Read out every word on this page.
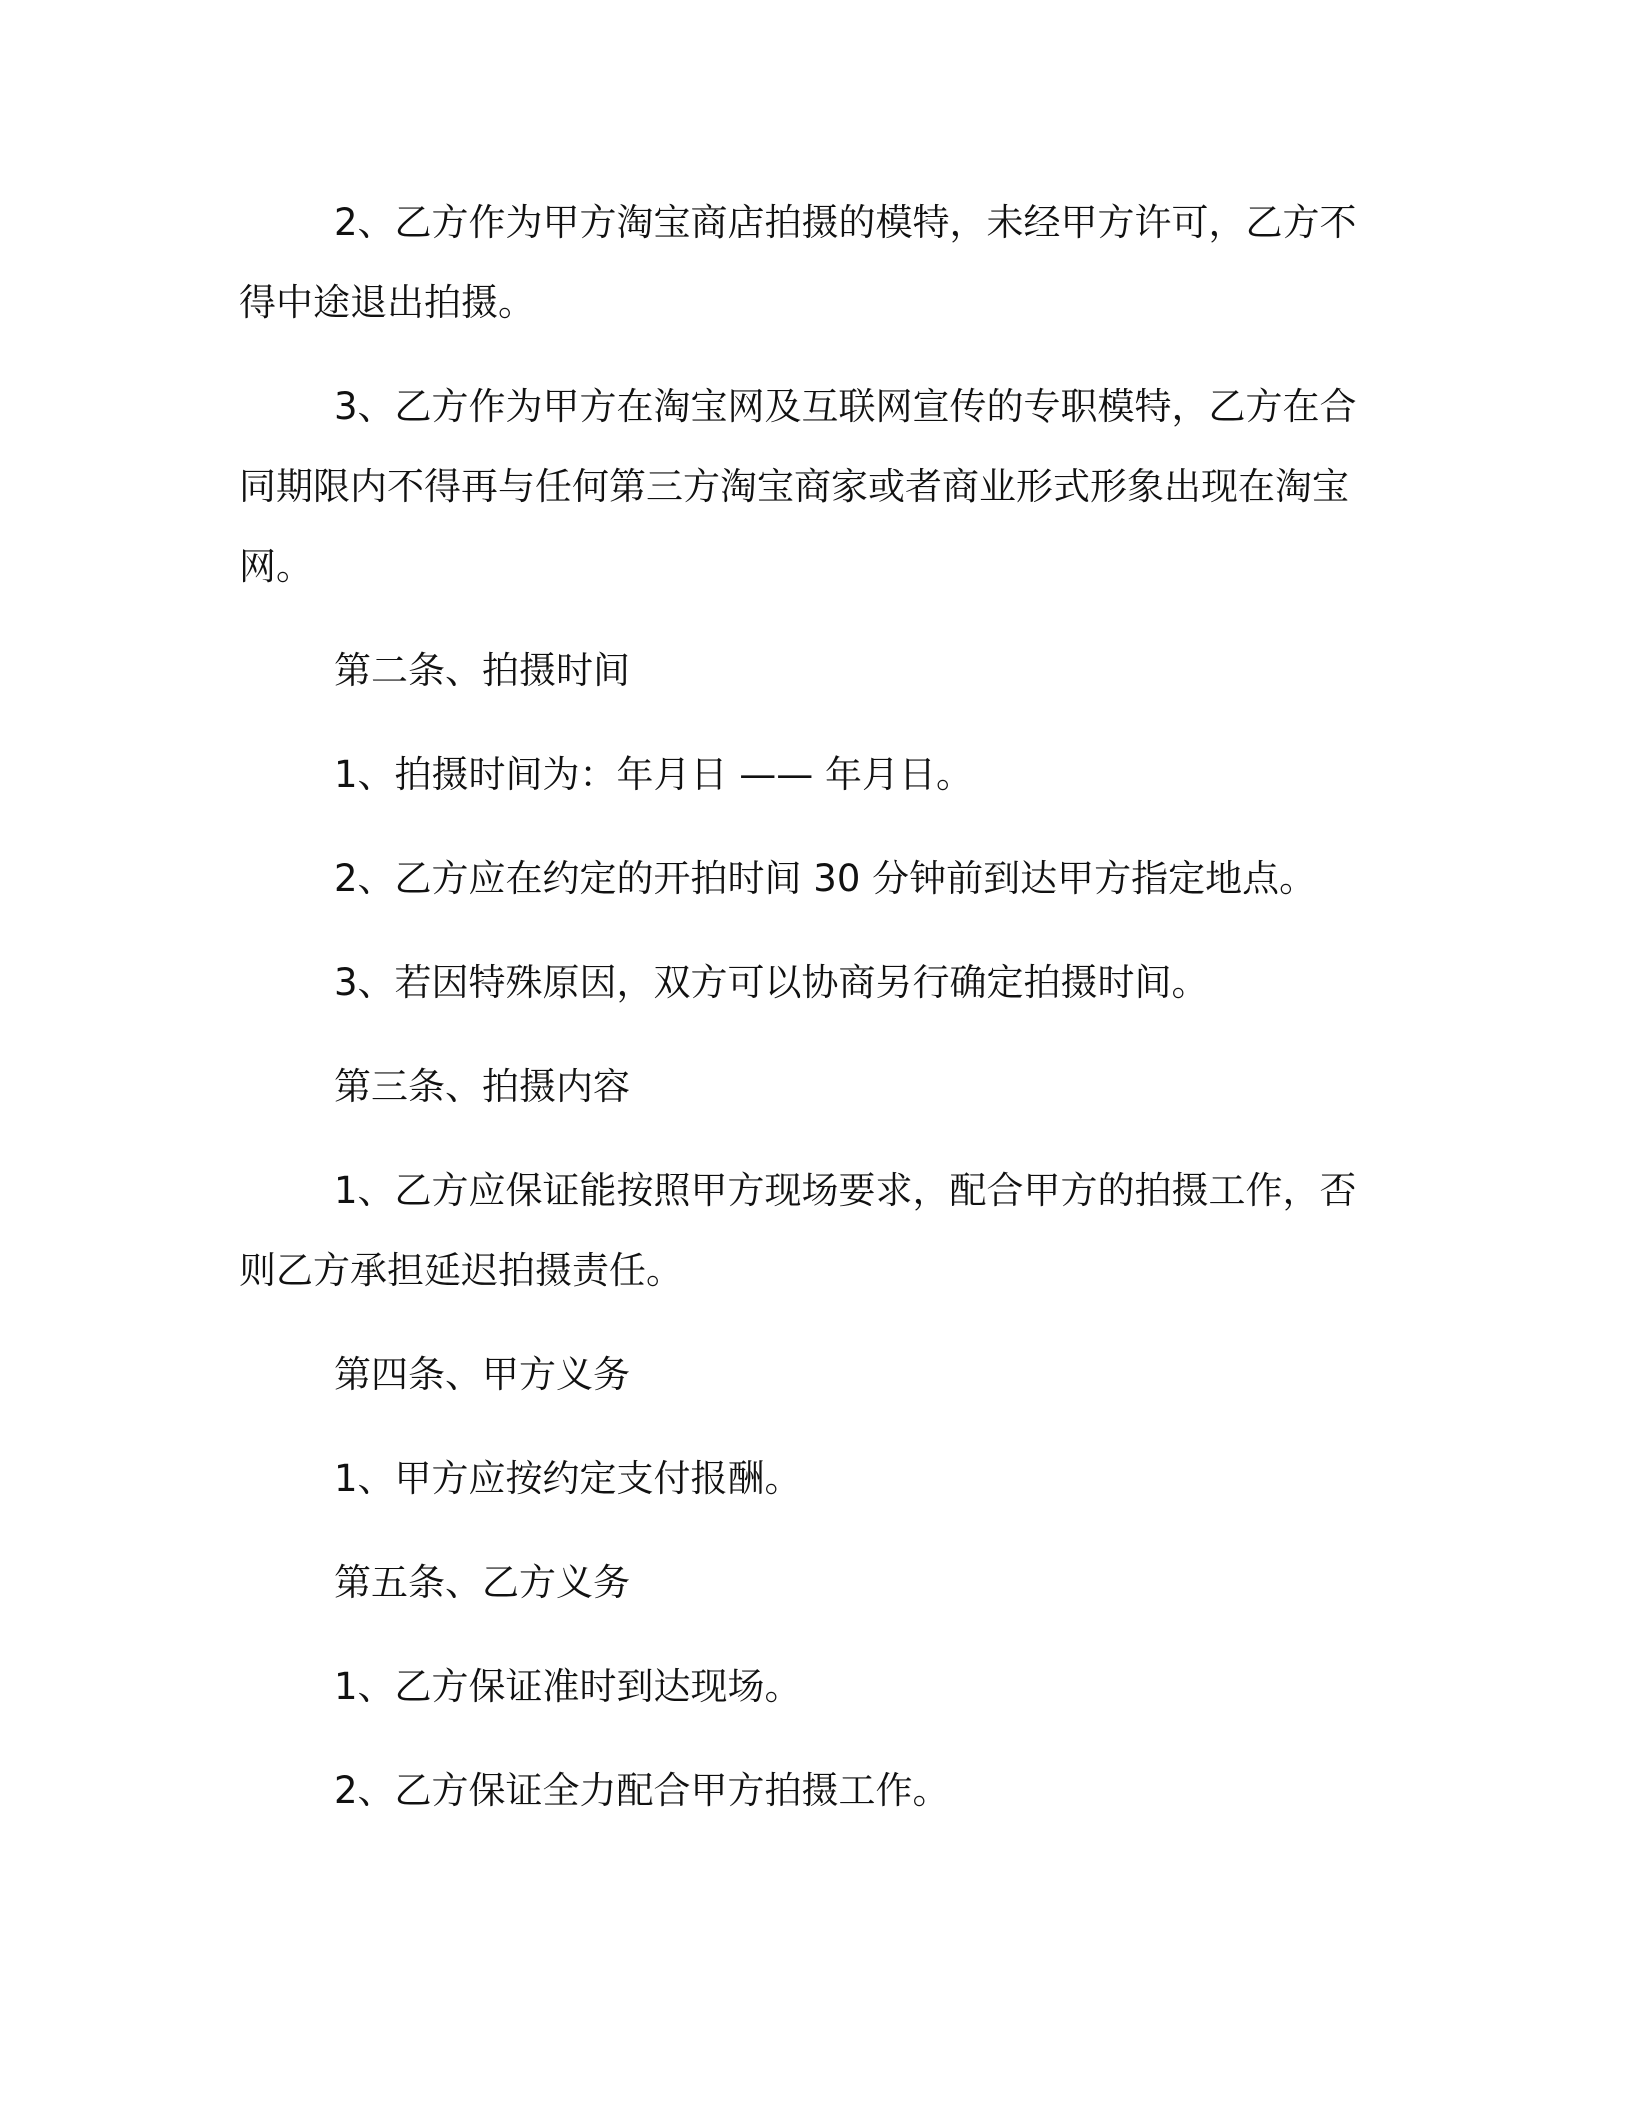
2、乙方作为甲方淘宝商店拍摄的模特，未经甲方许可，乙方不得中途退出拍摄。

3、乙方作为甲方在淘宝网及互联网宣传的专职模特，乙方在合同期限内不得再与任何第三方淘宝商家或者商业形式形象出现在淘宝网。

第二条、拍摄时间

1、拍摄时间为：年月日 —— 年月日。

2、乙方应在约定的开拍时间 30 分钟前到达甲方指定地点。

3、若因特殊原因，双方可以协商另行确定拍摄时间。

第三条、拍摄内容

1、乙方应保证能按照甲方现场要求，配合甲方的拍摄工作，否则乙方承担延迟拍摄责任。

第四条、甲方义务

1、甲方应按约定支付报酬。

第五条、乙方义务

1、乙方保证准时到达现场。

2、乙方保证全力配合甲方拍摄工作。
